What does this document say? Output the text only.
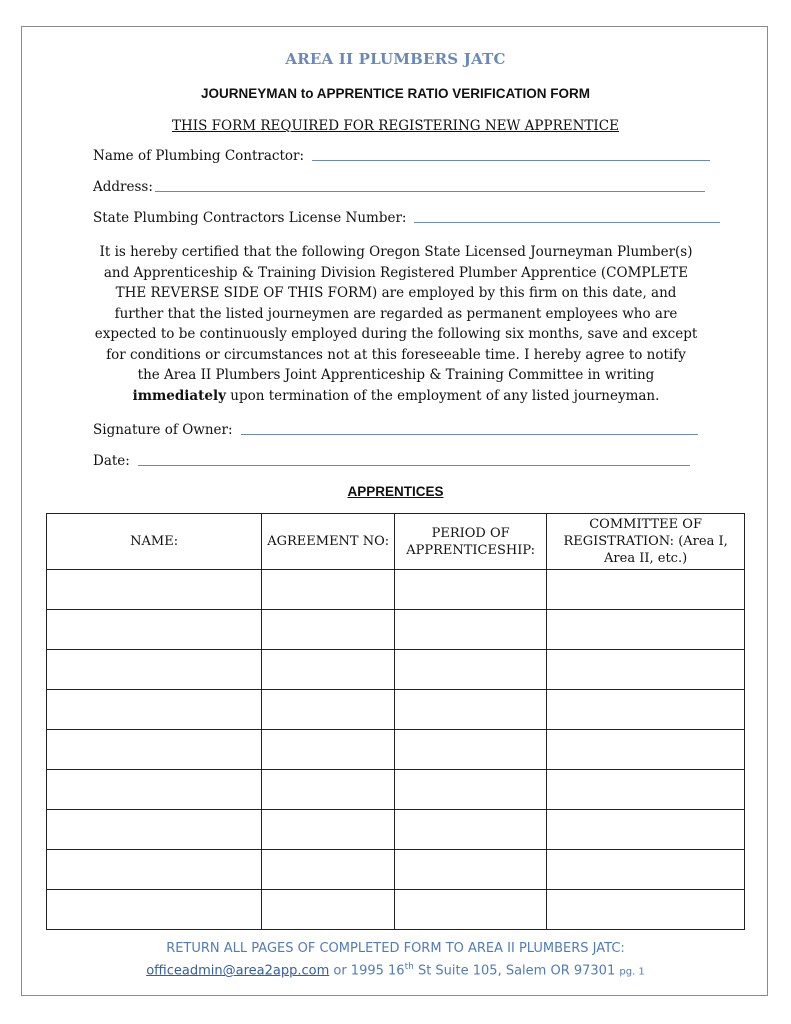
AREA II PLUMBERS JATC
JOURNEYMAN to APPRENTICE RATIO VERIFICATION FORM
THIS FORM REQUIRED FOR REGISTERING NEW APPRENTICE
Name of Plumbing Contractor:
Address:
State Plumbing Contractors License Number:
It is hereby certified that the following Oregon State Licensed Journeyman Plumber(s) and Apprenticeship & Training Division Registered Plumber Apprentice (COMPLETE THE REVERSE SIDE OF THIS FORM) are employed by this firm on this date, and further that the listed journeymen are regarded as permanent employees who are expected to be continuously employed during the following six months, save and except for conditions or circumstances not at this foreseeable time. I hereby agree to notify the Area II Plumbers Joint Apprenticeship & Training Committee in writing immediately upon termination of the employment of any listed journeyman.
Signature of Owner:
Date:
APPRENTICES
NAME:	AGREEMENT NO:	PERIOD OF APPRENTICESHIP:	COMMITTEE OF REGISTRATION: (Area I, Area II, etc.)

RETURN ALL PAGES OF COMPLETED FORM TO AREA II PLUMBERS JATC:
officeadmin@area2app.com or 1995 16th St Suite 105, Salem OR 97301 pg. 1
